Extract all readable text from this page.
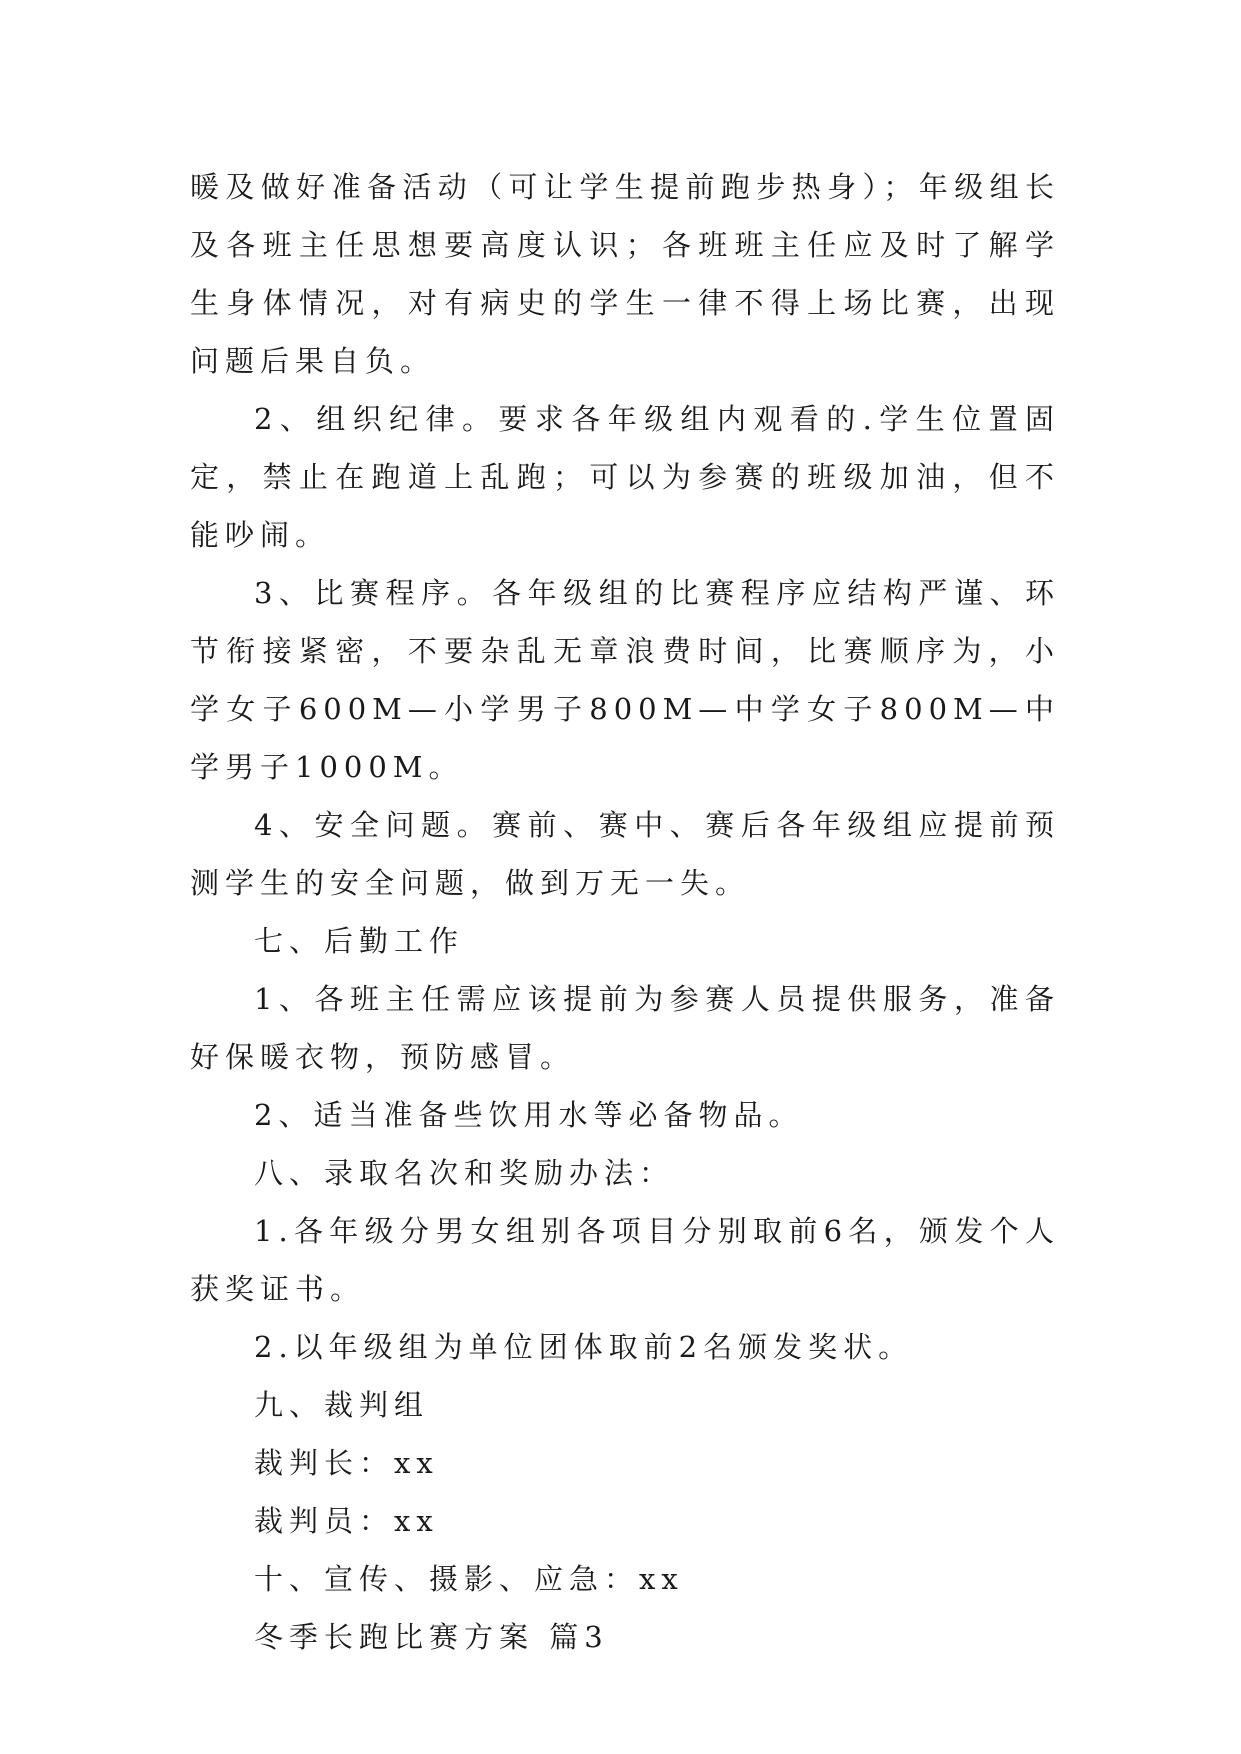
暖及做好准备活动（可让学生提前跑步热身）；年级组长及各班主任思想要高度认识；各班班主任应及时了解学生身体情况，对有病史的学生一律不得上场比赛，出现问题后果自负。

2、组织纪律。要求各年级组内观看的.学生位置固定，禁止在跑道上乱跑；可以为参赛的班级加油，但不能吵闹。

3、比赛程序。各年级组的比赛程序应结构严谨、环节衔接紧密，不要杂乱无章浪费时间，比赛顺序为，小学女子600M—小学男子800M—中学女子800M—中学男子1000M。

4、安全问题。赛前、赛中、赛后各年级组应提前预测学生的安全问题，做到万无一失。

七、后勤工作

1、各班主任需应该提前为参赛人员提供服务，准备好保暖衣物，预防感冒。

2、适当准备些饮用水等必备物品。

八、录取名次和奖励办法：

1.各年级分男女组别各项目分别取前6名，颁发个人获奖证书。

2.以年级组为单位团体取前2名颁发奖状。

九、裁判组

裁判长：xx

裁判员：xx

十、宣传、摄影、应急：xx

冬季长跑比赛方案 篇3
